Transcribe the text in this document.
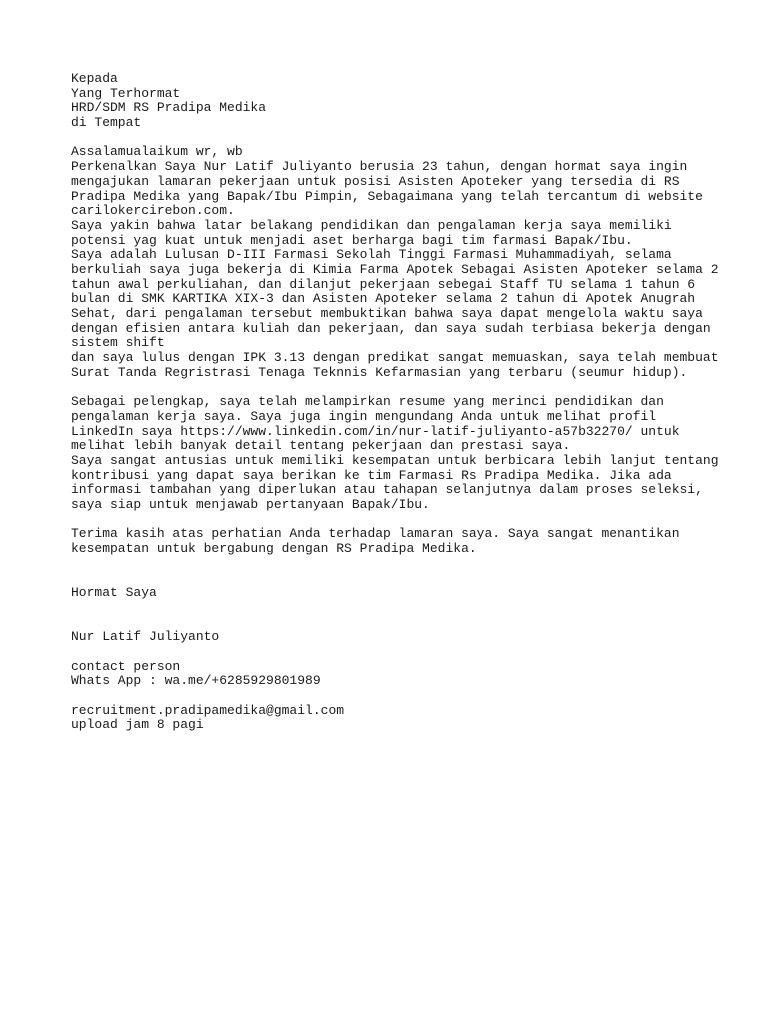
Kepada
Yang Terhormat
HRD/SDM RS Pradipa Medika
di Tempat
Assalamualaikum wr, wb
Perkenalkan Saya Nur Latif Juliyanto berusia 23 tahun, dengan hormat saya ingin
mengajukan lamaran pekerjaan untuk posisi Asisten Apoteker yang tersedia di RS
Pradipa Medika yang Bapak/Ibu Pimpin, Sebagaimana yang telah tercantum di website
carilokercirebon.com.
Saya yakin bahwa latar belakang pendidikan dan pengalaman kerja saya memiliki
potensi yag kuat untuk menjadi aset berharga bagi tim farmasi Bapak/Ibu.
Saya adalah Lulusan D-III Farmasi Sekolah Tinggi Farmasi Muhammadiyah, selama
berkuliah saya juga bekerja di Kimia Farma Apotek Sebagai Asisten Apoteker selama 2
tahun awal perkuliahan, dan dilanjut pekerjaan sebegai Staff TU selama 1 tahun 6
bulan di SMK KARTIKA XIX-3 dan Asisten Apoteker selama 2 tahun di Apotek Anugrah
Sehat, dari pengalaman tersebut membuktikan bahwa saya dapat mengelola waktu saya
dengan efisien antara kuliah dan pekerjaan, dan saya sudah terbiasa bekerja dengan
sistem shift
dan saya lulus dengan IPK 3.13 dengan predikat sangat memuaskan, saya telah membuat
Surat Tanda Regristrasi Tenaga Teknnis Kefarmasian yang terbaru (seumur hidup).
Sebagai pelengkap, saya telah melampirkan resume yang merinci pendidikan dan
pengalaman kerja saya. Saya juga ingin mengundang Anda untuk melihat profil
LinkedIn saya https://www.linkedin.com/in/nur-latif-juliyanto-a57b32270/ untuk
melihat lebih banyak detail tentang pekerjaan dan prestasi saya.
Saya sangat antusias untuk memiliki kesempatan untuk berbicara lebih lanjut tentang
kontribusi yang dapat saya berikan ke tim Farmasi Rs Pradipa Medika. Jika ada
informasi tambahan yang diperlukan atau tahapan selanjutnya dalam proses seleksi,
saya siap untuk menjawab pertanyaan Bapak/Ibu.
Terima kasih atas perhatian Anda terhadap lamaran saya. Saya sangat menantikan
kesempatan untuk bergabung dengan RS Pradipa Medika.
Hormat Saya
Nur Latif Juliyanto
contact person
Whats App : wa.me/+6285929801989
recruitment.pradipamedika@gmail.com
upload jam 8 pagi
